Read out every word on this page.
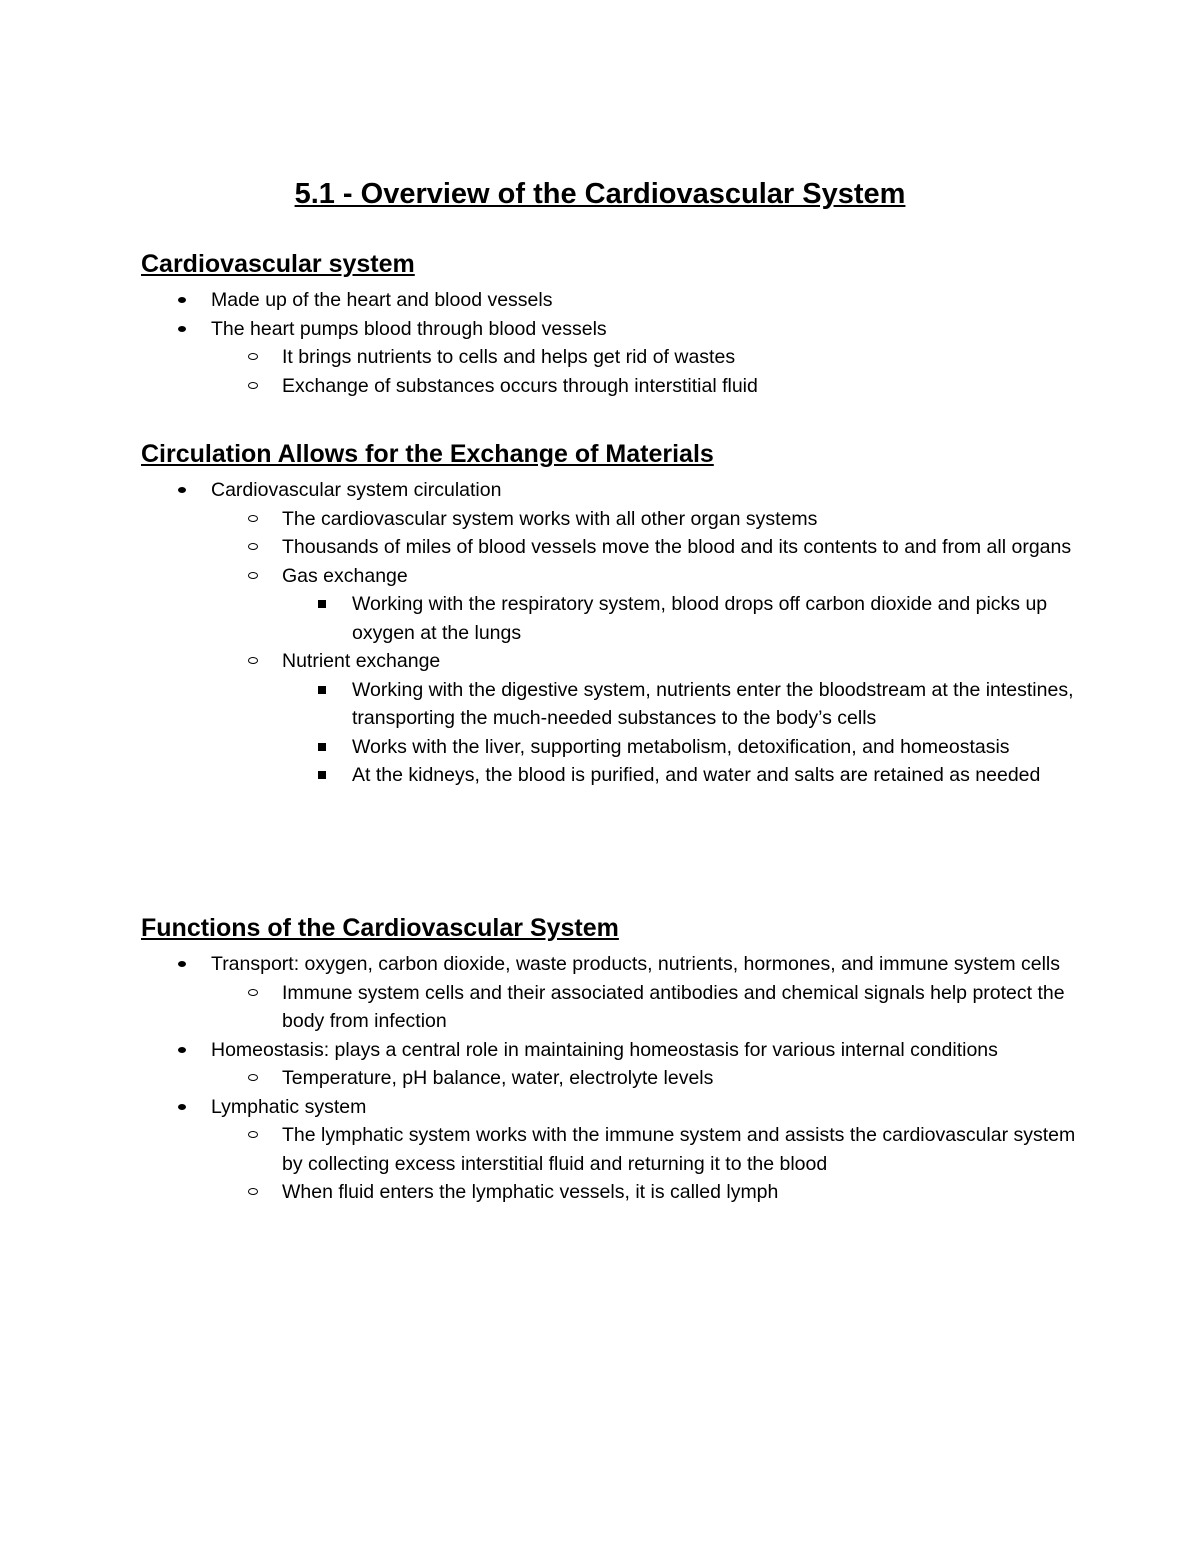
5.1 - Overview of the Cardiovascular System
Cardiovascular system
Made up of the heart and blood vessels
The heart pumps blood through blood vessels
It brings nutrients to cells and helps get rid of wastes
Exchange of substances occurs through interstitial fluid
Circulation Allows for the Exchange of Materials
Cardiovascular system circulation
The cardiovascular system works with all other organ systems
Thousands of miles of blood vessels move the blood and its contents to and from all organs
Gas exchange
Working with the respiratory system, blood drops off carbon dioxide and picks up oxygen at the lungs
Nutrient exchange
Working with the digestive system, nutrients enter the bloodstream at the intestines, transporting the much-needed substances to the body’s cells
Works with the liver, supporting metabolism, detoxification, and homeostasis
At the kidneys, the blood is purified, and water and salts are retained as needed
Functions of the Cardiovascular System
Transport: oxygen, carbon dioxide, waste products, nutrients, hormones, and immune system cells
Immune system cells and their associated antibodies and chemical signals help protect the body from infection
Homeostasis: plays a central role in maintaining homeostasis for various internal conditions
Temperature, pH balance, water, electrolyte levels
Lymphatic system
The lymphatic system works with the immune system and assists the cardiovascular system by collecting excess interstitial fluid and returning it to the blood
When fluid enters the lymphatic vessels, it is called lymph
